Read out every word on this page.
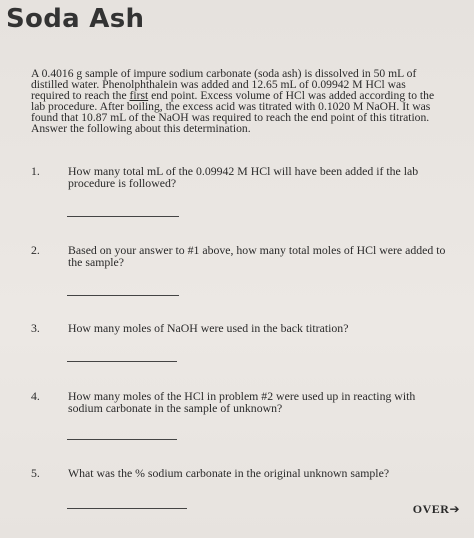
Soda Ash
A 0.4016 g sample of impure sodium carbonate (soda ash) is dissolved in 50 mL of
distilled water. Phenolphthalein was added and 12.65 mL of 0.09942 M HCl was
required to reach the first end point. Excess volume of HCl was added according to the
lab procedure. After boiling, the excess acid was titrated with 0.1020 M NaOH. It was
found that 10.87 mL of the NaOH was required to reach the end point of this titration.
Answer the following about this determination.
1. How many total mL of the 0.09942 M HCl will have been added if the lab
procedure is followed?
2. Based on your answer to #1 above, how many total moles of HCl were added to
the sample?
3. How many moles of NaOH were used in the back titration?
4. How many moles of the HCl in problem #2 were used up in reacting with
sodium carbonate in the sample of unknown?
5. What was the % sodium carbonate in the original unknown sample?
OVER➔
